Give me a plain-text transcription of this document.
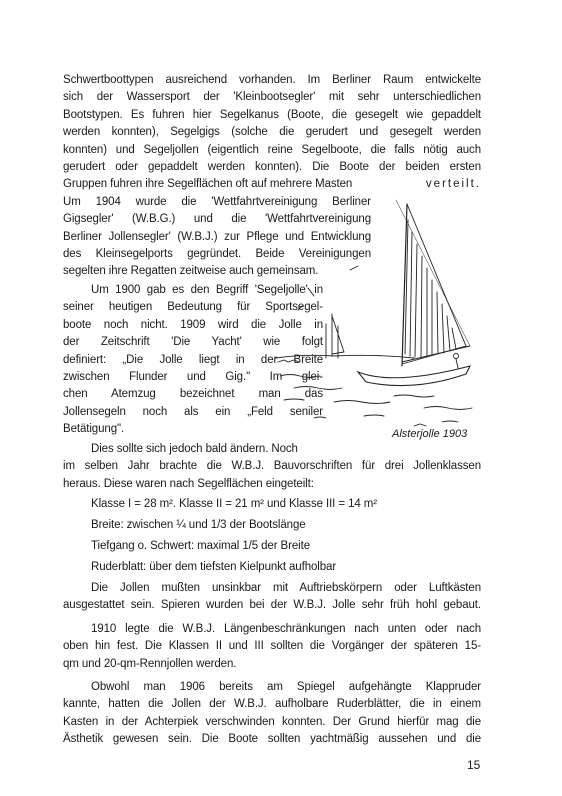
Schwertboottypen ausreichend vorhanden. Im Berliner Raum entwickelte
sich der Wassersport der 'Kleinbootsegler' mit sehr unterschiedlichen
Bootstypen. Es fuhren hier Segelkanus (Boote, die gesegelt wie gepaddelt
werden konnten), Segelgigs (solche die gerudert und gesegelt werden
konnten) und Segeljollen (eigentlich reine Segelboote, die falls nötig auch
gerudert oder gepaddelt werden konnten). Die Boote der beiden ersten
Gruppen fuhren ihre Segelflächen oft auf mehrere Masten	verteilt.
Um 1904 wurde die 'Wettfahrtvereinigung Berliner
Gigsegler' (W.B.G.) und die 'Wettfahrtvereinigung
Berliner Jollensegler' (W.B.J.) zur Pflege und Entwicklung
des Kleinsegelports gegründet. Beide Vereinigungen
segelten ihre Regatten zeitweise auch gemeinsam.
Um 1900 gab es den Begriff 'Segeljolle' in
seiner heutigen Bedeutung für Sportsegel-
boote noch nicht. 1909 wird die Jolle in
der Zeitschrift 'Die Yacht' wie folgt
definiert: „Die Jolle liegt in der Breite
zwischen Flunder und Gig." Im glei-
chen Atemzug bezeichnet man das
Jollensegeln noch als ein „Feld seniler
Betätigung".
Dies sollte sich jedoch bald ändern. Noch
im selben Jahr brachte die W.B.J. Bauvorschriften für drei Jollenklassen
heraus. Diese waren nach Segelflächen eingeteilt:
Klasse I = 28 m². Klasse II = 21 m² und Klasse III = 14 m²
Breite: zwischen ¼ und 1/3 der Bootslänge
Tiefgang o. Schwert: maximal 1/5 der Breite
Ruderblatt: über dem tiefsten Kielpunkt aufholbar
Die Jollen mußten unsinkbar mit Auftriebskörpern oder Luftkästen
ausgestattet sein. Spieren wurden bei der W.B.J. Jolle sehr früh hohl gebaut.
1910 legte die W.B.J. Längenbeschränkungen nach unten oder nach
oben hin fest. Die Klassen II und III sollten die Vorgänger der späteren 15-
qm und 20-qm-Rennjollen werden.
Obwohl man 1906 bereits am Spiegel aufgehängte Klappruder
kannte, hatten die Jollen der W.B.J. aufholbare Ruderblätter, die in einem
Kasten in der Achterpiek verschwinden konnten. Der Grund hierfür mag die
Ästhetik gewesen sein. Die Boote sollten yachtmäßig aussehen und die
Alsterjolle 1903
15
